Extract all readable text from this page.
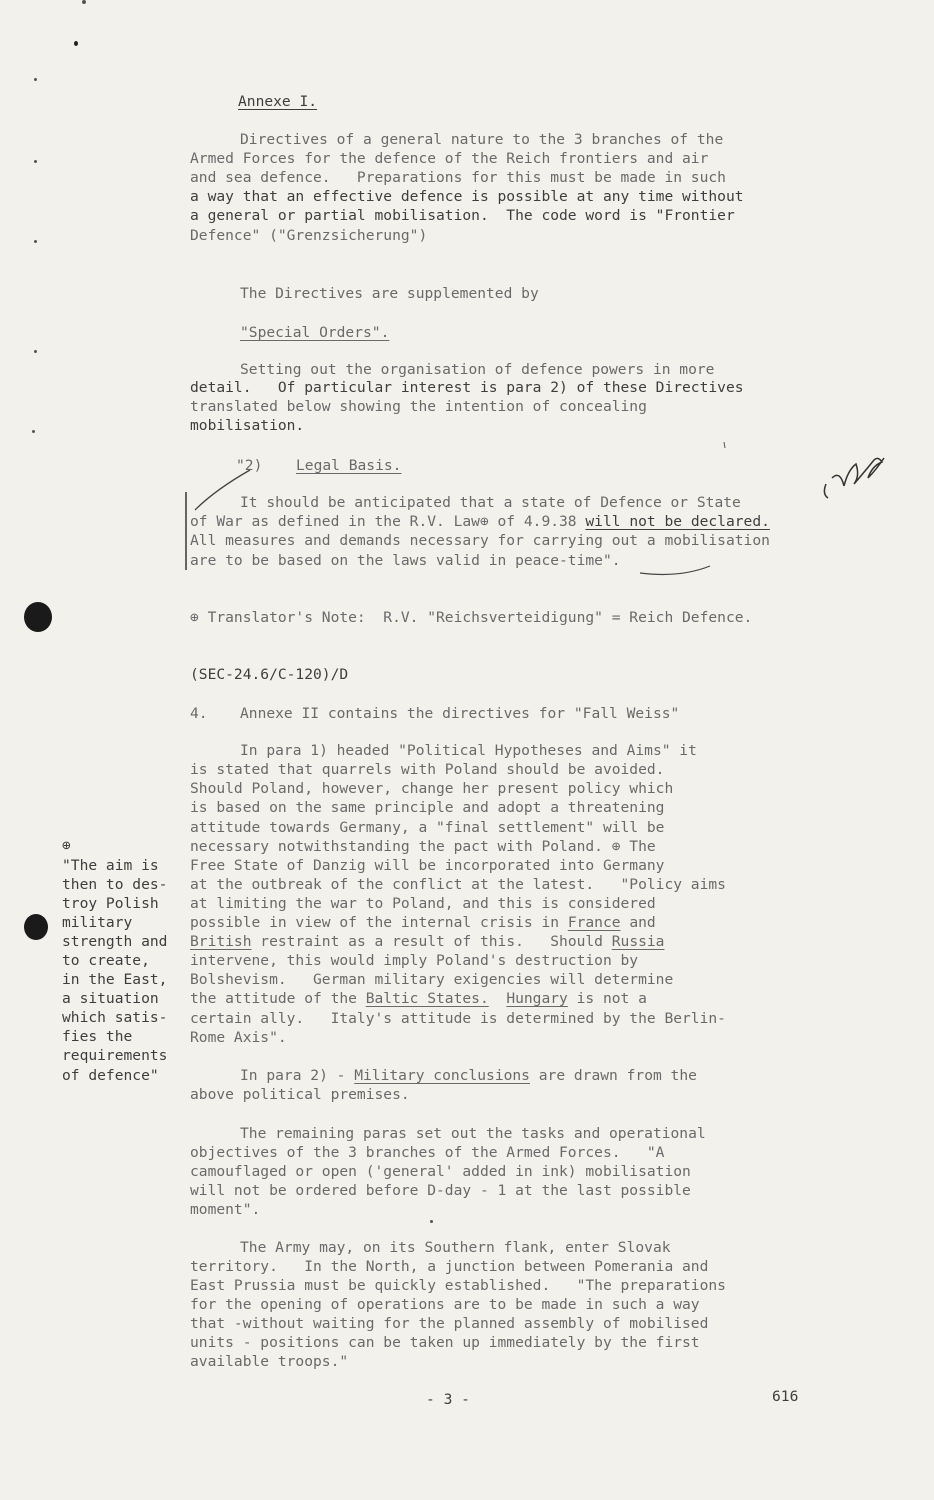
Annexe I.

Directives of a general nature to the 3 branches of the

Armed Forces for the defence of the Reich frontiers and air

and sea defence.   Preparations for this must be made in such

a way that an effective defence is possible at any time without

a general or partial mobilisation.  The code word is "Frontier

Defence" ("Grenzsicherung")

The Directives are supplemented by

"Special Orders".

Setting out the organisation of defence powers in more

detail.   Of particular interest is para 2) of these Directives

translated below showing the intention of concealing

mobilisation.

"2) Legal Basis.

It should be anticipated that a state of Defence or State

of War as defined in the R.V. Law⊕ of 4.9.38 will not be declared.

All measures and demands necessary for carrying out a mobilisation

are to be based on the laws valid in peace-time".

⊕ Translator's Note:  R.V. "Reichsverteidigung" = Reich Defence.

(SEC-24.6/C-120)/D

4. Annexe II contains the directives for "Fall Weiss"

In para 1) headed "Political Hypotheses and Aims" it

is stated that quarrels with Poland should be avoided.

Should Poland, however, change her present policy which

is based on the same principle and adopt a threatening

attitude towards Germany, a "final settlement" will be

necessary notwithstanding the pact with Poland. ⊕ The

Free State of Danzig will be incorporated into Germany

at the outbreak of the conflict at the latest.   "Policy aims

at limiting the war to Poland, and this is considered

possible in view of the internal crisis in France and

British restraint as a result of this.   Should Russia

intervene, this would imply Poland's destruction by

Bolshevism.   German military exigencies will determine

the attitude of the Baltic States. Hungary is not a

certain ally.   Italy's attitude is determined by the Berlin-

Rome Axis".

In para 2) - Military conclusions are drawn from the

above political premises.

The remaining paras set out the tasks and operational

objectives of the 3 branches of the Armed Forces.   "A

camouflaged or open ('general' added in ink) mobilisation

will not be ordered before D-day - 1 at the last possible

moment".

The Army may, on its Southern flank, enter Slovak

territory.   In the North, a junction between Pomerania and

East Prussia must be quickly established.   "The preparations

for the opening of operations are to be made in such a way

that -without waiting for the planned assembly of mobilised

units - positions can be taken up immediately by the first

available troops."

⊕

"The aim is

then to des-

troy Polish

military

strength and

to create,

in the East,

a situation

which satis-

fies the

requirements

of defence"

- 3 -	616
